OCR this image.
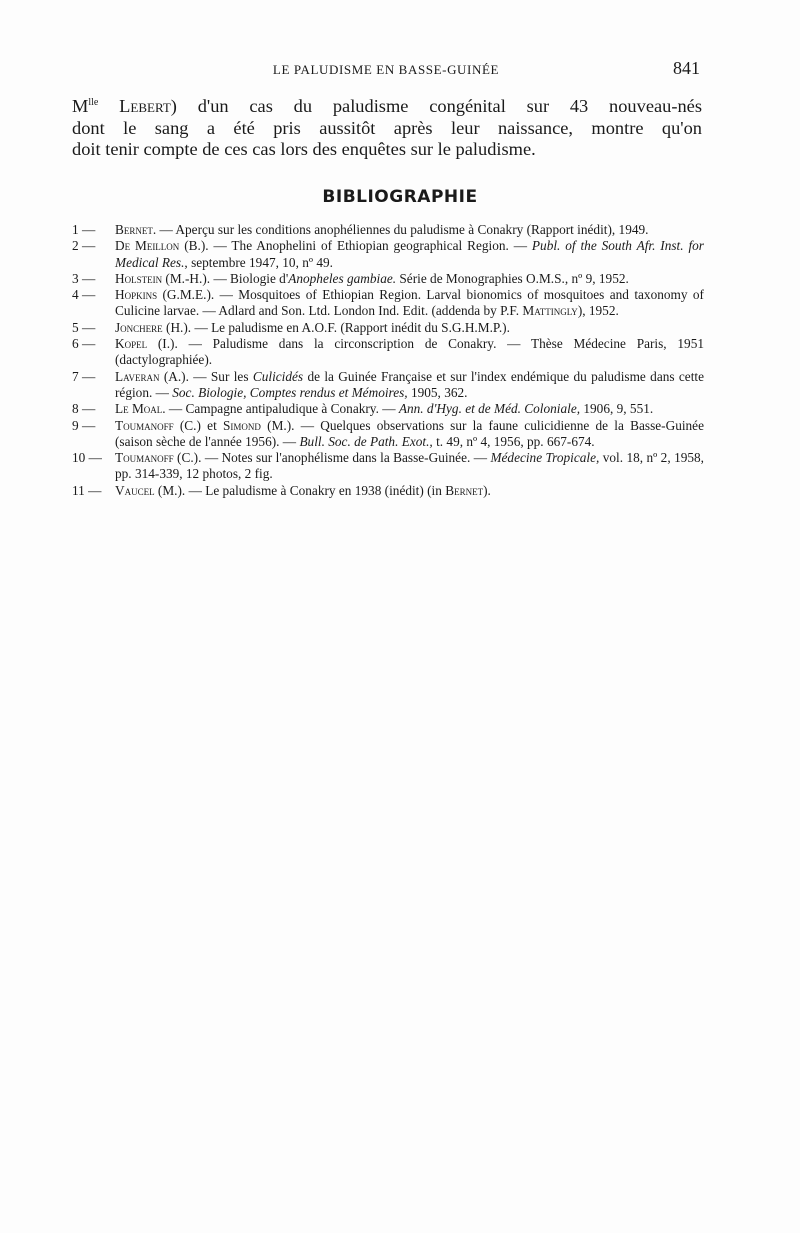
LE PALUDISME EN BASSE-GUINÉE	841
$M^{lle}$ Lebert) d'un cas du paludisme congénital sur 43 nouveau-nés
dont le sang a été pris aussitôt après leur naissance, montre qu'on
doit tenir compte de ces cas lors des enquêtes sur le paludisme.
BIBLIOGRAPHIE
1 —	Bernet. — Aperçu sur les conditions anophéliennes du paludisme à Conakry (Rapport inédit), 1949.
2 —	De Meillon (B.). — The Anophelini of Ethiopian geographical Region. — Publ. of the South Afr. Inst. for Medical Res., septembre 1947, 10, nº 49.
3 —	Holstein (M.-H.). — Biologie d'Anopheles gambiae. Série de Monographies O.M.S., nº 9, 1952.
4 —	Hopkins (G.M.E.). — Mosquitoes of Ethiopian Region. Larval bionomics of mosquitoes and taxonomy of Culicine larvae. — Adlard and Son. Ltd. London Ind. Edit. (addenda by P.F. Mattingly), 1952.
5 —	Jonchere (H.). — Le paludisme en A.O.F. (Rapport inédit du S.G.H.M.P.).
6 —	Kopel (I.). — Paludisme dans la circonscription de Conakry. — Thèse Médecine Paris, 1951 (dactylographiée).
7 —	Laveran (A.). — Sur les Culicidés de la Guinée Française et sur l'index endémique du paludisme dans cette région. — Soc. Biologie, Comptes rendus et Mémoires, 1905, 362.
8 —	Le Moal. — Campagne antipaludique à Conakry. — Ann. d'Hyg. et de Méd. Coloniale, 1906, 9, 551.
9 —	Toumanoff (C.) et Simond (M.). — Quelques observations sur la faune culicidienne de la Basse-Guinée (saison sèche de l'année 1956). — Bull. Soc. de Path. Exot., t. 49, nº 4, 1956, pp. 667-674.
10 — Toumanoff (C.). — Notes sur l'anophélisme dans la Basse-Guinée. — Médecine Tropicale, vol. 18, nº 2, 1958, pp. 314-339, 12 photos, 2 fig.
11 —	Vaucel (M.). — Le paludisme à Conakry en 1938 (inédit) (in Bernet).
